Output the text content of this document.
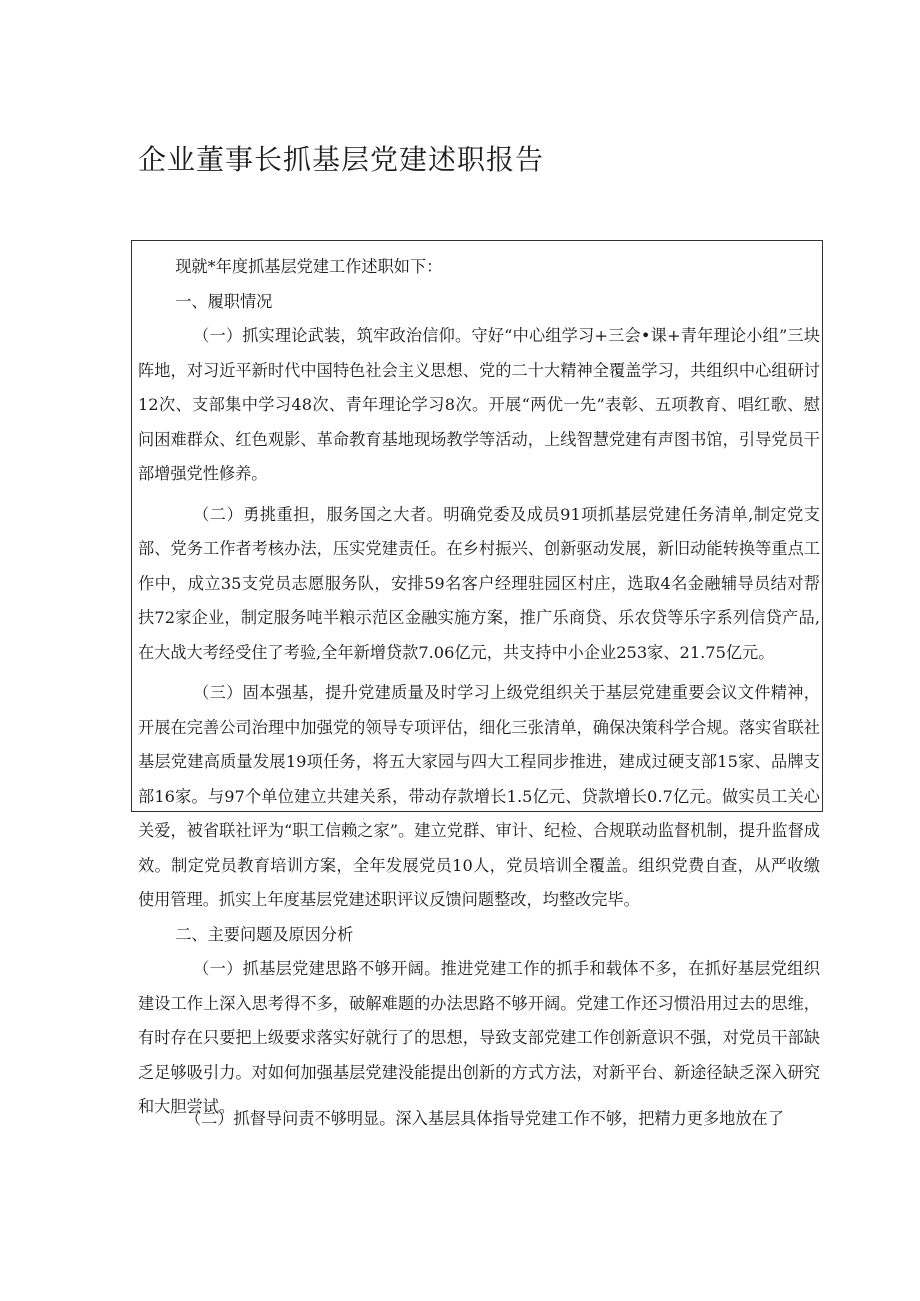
企业董事长抓基层党建述职报告

现就*年度抓基层党建工作述职如下：

一、履职情况

（一）抓实理论武装，筑牢政治信仰。守好“中心组学习+三会•课+青年理论小组”三块阵地，对习近平新时代中国特色社会主义思想、党的二十大精神全覆盖学习，共组织中心组研讨12次、支部集中学习48次、青年理论学习8次。开展“两优一先”表彰、五项教育、唱红歌、慰问困难群众、红色观影、革命教育基地现场教学等活动，上线智慧党建有声图书馆，引导党员干部增强党性修养。

（二）勇挑重担，服务国之大者。明确党委及成员91项抓基层党建任务清单,制定党支部、党务工作者考核办法，压实党建责任。在乡村振兴、创新驱动发展，新旧动能转换等重点工作中，成立35支党员志愿服务队，安排59名客户经理驻园区村庄，选取4名金融辅导员结对帮扶72家企业，制定服务吨半粮示范区金融实施方案，推广乐商贷、乐农贷等乐字系列信贷产品,在大战大考经受住了考验,全年新增贷款7.06亿元，共支持中小企业253家、21.75亿元。

（三）固本强基，提升党建质量及时学习上级党组织关于基层党建重要会议文件精神，开展在完善公司治理中加强党的领导专项评估，细化三张清单，确保决策科学合规。落实省联社基层党建高质量发展19项任务，将五大家园与四大工程同步推进，建成过硬支部15家、品牌支部16家。与97个单位建立共建关系，带动存款增长1.5亿元、贷款增长0.7亿元。做实员工关心关爱，被省联社评为“职工信赖之家”。建立党群、审计、纪检、合规联动监督机制，提升监督成效。制定党员教育培训方案，全年发展党员10人，党员培训全覆盖。组织党费自查，从严收缴使用管理。抓实上年度基层党建述职评议反馈问题整改，均整改完毕。

二、主要问题及原因分析

（一）抓基层党建思路不够开阔。推进党建工作的抓手和载体不多，在抓好基层党组织建设工作上深入思考得不多，破解难题的办法思路不够开阔。党建工作还习惯沿用过去的思维，有时存在只要把上级要求落实好就行了的思想，导致支部党建工作创新意识不强，对党员干部缺乏足够吸引力。对如何加强基层党建没能提出创新的方式方法，对新平台、新途径缺乏深入研究和大胆尝试。

（二）抓督导问责不够明显。深入基层具体指导党建工作不够，把精力更多地放在了
